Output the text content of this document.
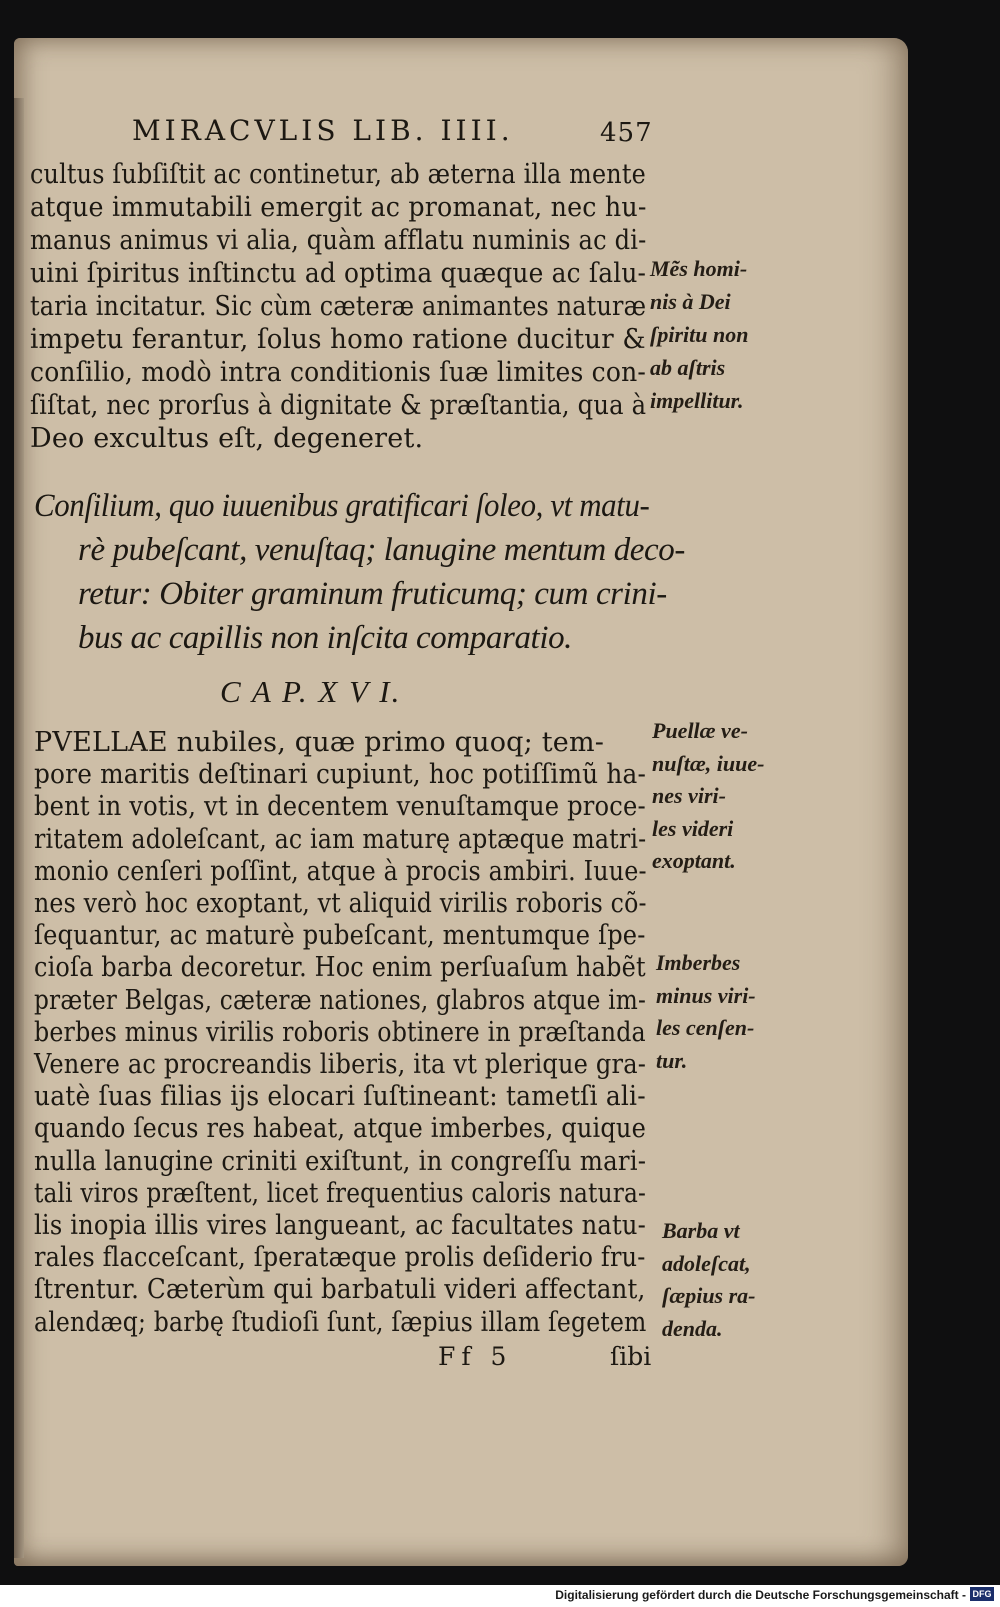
MIRACVLIS LIB. IIII.	457
cultus ſubſiſtit ac continetur, ab æterna illa mente
atque immutabili emergit ac promanat, nec hu-
manus animus vi alia, quàm afflatu numinis ac di-
uini ſpiritus inſtinctu ad optima quæque ac ſalu-
taria incitatur. Sic cùm cæteræ animantes naturæ
impetu ferantur, ſolus homo ratione ducitur &
conſilio, modò intra conditionis ſuæ limites con-
ſiſtat, nec prorſus à dignitate & præſtantia, qua à
Deo excultus eſt, degeneret.
Mẽs homi-
nis à Dei
ſpiritu non
ab aſtris
impellitur.
Conſilium, quo iuuenibus gratificari ſoleo, vt matu-
rè pubeſcant, venuſtaq; lanugine mentum deco-
retur: Obiter graminum fruticumq; cum crini-
bus ac capillis non inſcita comparatio.
C A P. X V I.
PVELLAE nubiles, quæ primo quoq; tem-
pore maritis deſtinari cupiunt, hoc potiſſimũ ha-
bent in votis, vt in decentem venuſtamque proce-
ritatem adoleſcant, ac iam maturę aptæque matri-
monio cenſeri poſſint, atque à procis ambiri. Iuue-
nes verò hoc exoptant, vt aliquid virilis roboris cõ-
ſequantur, ac maturè pubeſcant, mentumque ſpe-
cioſa barba decoretur. Hoc enim perſuaſum habẽt
præter Belgas, cæteræ nationes, glabros atque im-
berbes minus virilis roboris obtinere in præſtanda
Venere ac procreandis liberis, ita vt plerique gra-
uatè ſuas filias ijs elocari ſuſtineant: tametſi ali-
quando ſecus res habeat, atque imberbes, quique
nulla lanugine criniti exiſtunt, in congreſſu mari-
tali viros præſtent, licet frequentius caloris natura-
lis inopia illis vires langueant, ac facultates natu-
rales flacceſcant, ſperatæque prolis deſiderio fru-
ſtrentur. Cæterùm qui barbatuli videri affectant,
alendæq; barbę ſtudioſi ſunt, ſæpius illam ſegetem
Puellæ ve-
nuſtæ, iuue-
nes viri-
les videri
exoptant.
Imberbes
minus viri-
les cenſen-
tur.
Barba vt
adoleſcat,
ſæpius ra-
denda.
Ff 5	ſibi
Digitalisierung gefördert durch die Deutsche Forschungsgemeinschaft - DFG
